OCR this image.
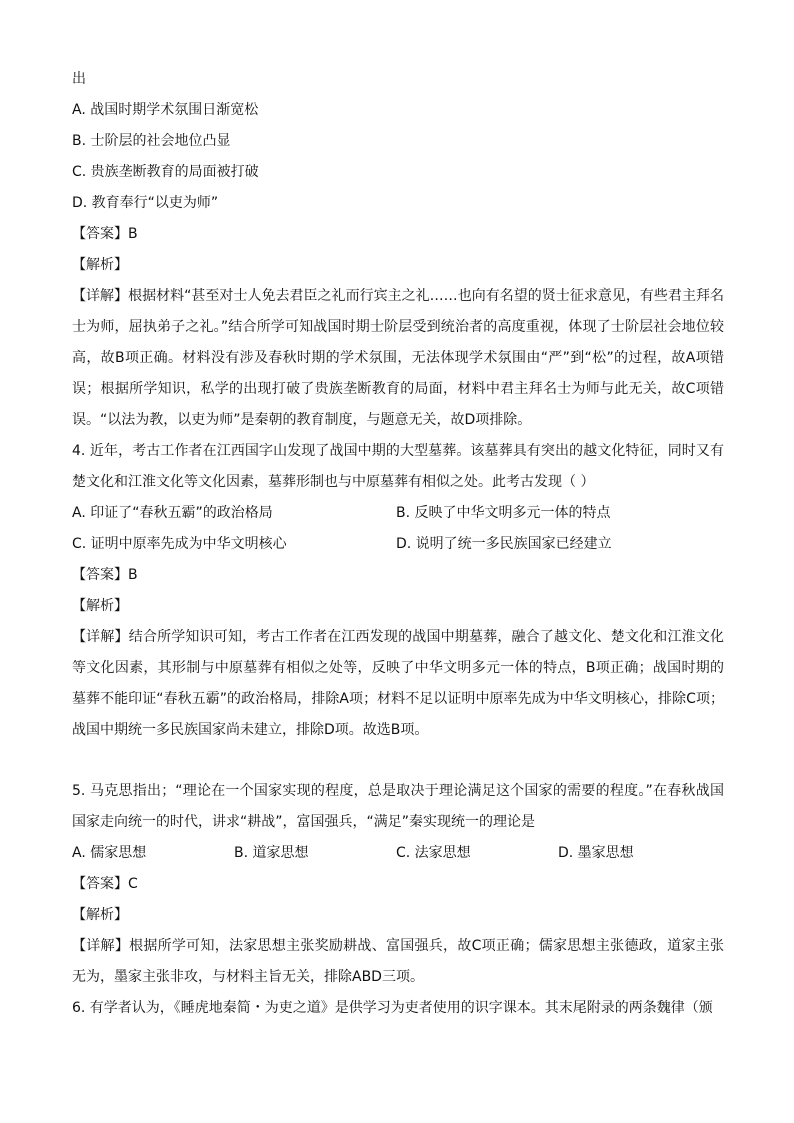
出
A. 战国时期学术氛围日渐宽松
B. 士阶层的社会地位凸显
C. 贵族垄断教育的局面被打破
D. 教育奉行“以吏为师”
【答案】B
【解析】
【详解】根据材料“甚至对士人免去君臣之礼而行宾主之礼……也向有名望的贤士征求意见，有些君主拜名士为师，屈执弟子之礼。”结合所学可知战国时期士阶层受到统治者的高度重视，体现了士阶层社会地位较高，故B项正确。材料没有涉及春秋时期的学术氛围，无法体现学术氛围由“严”到“松”的过程，故A项错误；根据所学知识，私学的出现打破了贵族垄断教育的局面，材料中君主拜名士为师与此无关，故C项错误。“以法为教，以吏为师”是秦朝的教育制度，与题意无关，故D项排除。
4. 近年，考古工作者在江西国字山发现了战国中期的大型墓葬。该墓葬具有突出的越文化特征，同时又有楚文化和江淮文化等文化因素，墓葬形制也与中原墓葬有相似之处。此考古发现（ ）
A. 印证了“春秋五霸”的政治格局	B. 反映了中华文明多元一体的特点
C. 证明中原率先成为中华文明核心	D. 说明了统一多民族国家已经建立
【答案】B
【解析】
【详解】结合所学知识可知，考古工作者在江西发现的战国中期墓葬，融合了越文化、楚文化和江淮文化等文化因素，其形制与中原墓葬有相似之处等，反映了中华文明多元一体的特点，B项正确；战国时期的墓葬不能印证“春秋五霸”的政治格局，排除A项；材料不足以证明中原率先成为中华文明核心，排除C项；战国中期统一多民族国家尚未建立，排除D项。故选B项。
5. 马克思指出；“理论在一个国家实现的程度，总是取决于理论满足这个国家的需要的程度。”在春秋战国国家走向统一的时代，讲求“耕战”，富国强兵，“满足”秦实现统一的理论是
A. 儒家思想	B. 道家思想	C. 法家思想	D. 墨家思想
【答案】C
【解析】
【详解】根据所学可知，法家思想主张奖励耕战、富国强兵，故C项正确；儒家思想主张德政，道家主张无为，墨家主张非攻，与材料主旨无关，排除ABD三项。
6. 有学者认为，《睡虎地秦简・为吏之道》是供学习为吏者使用的识字课本。其末尾附录的两条魏律（颁
